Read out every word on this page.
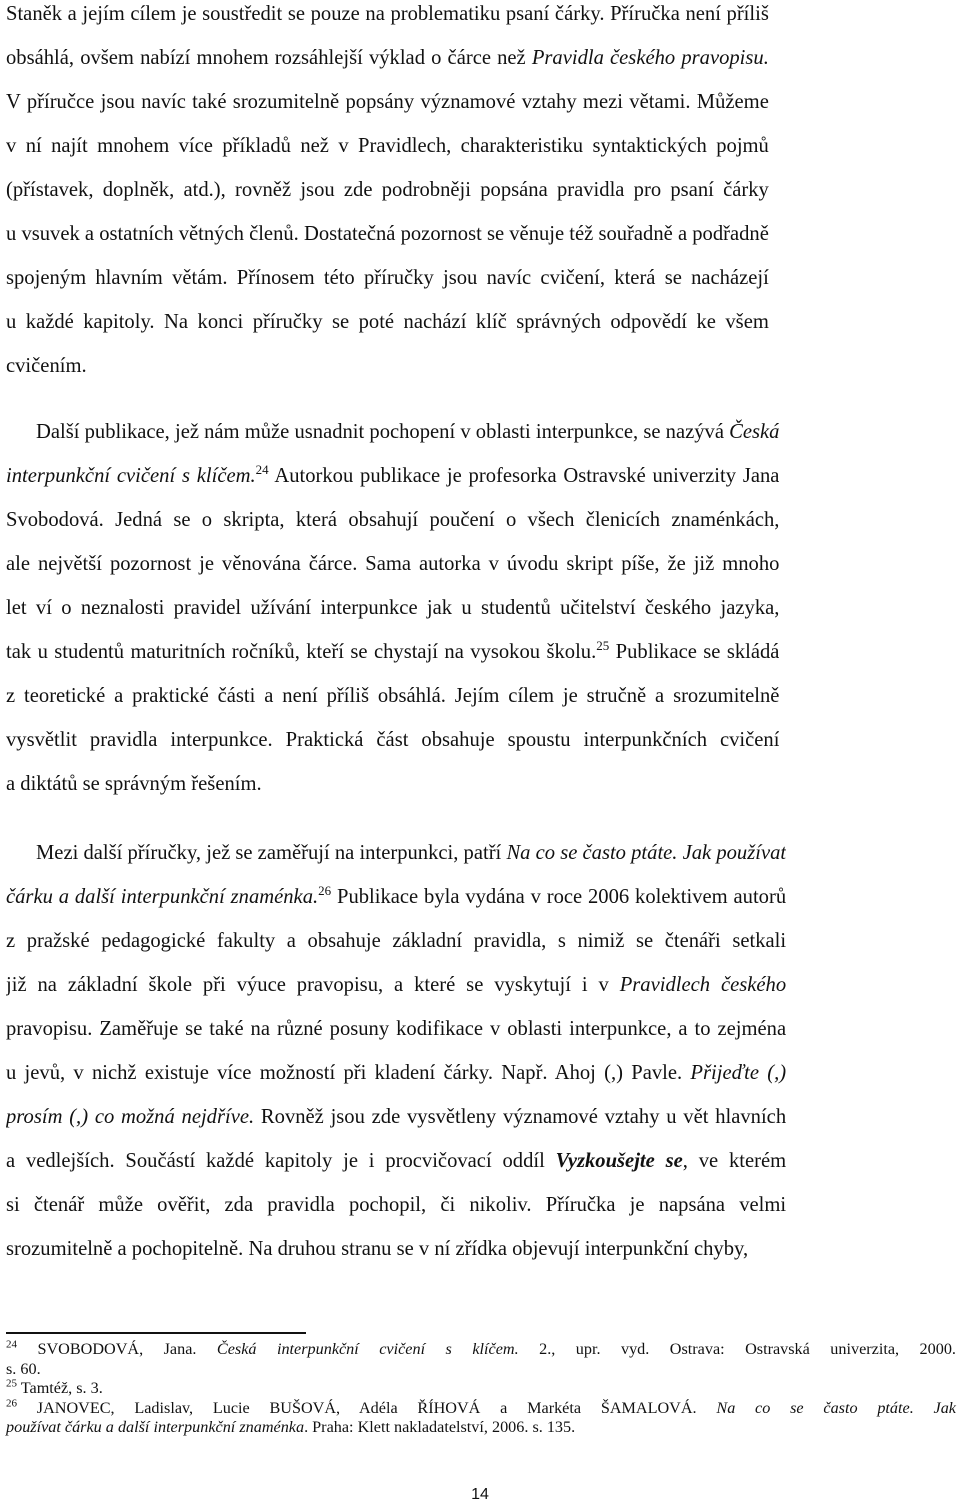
Staněk a jejím cílem je soustředit se pouze na problematiku psaní čárky. Příručka není příliš
obsáhlá, ovšem nabízí mnohem rozsáhlejší výklad o čárce než Pravidla českého pravopisu.
V příručce jsou navíc také srozumitelně popsány významové vztahy mezi větami. Můžeme
v ní najít mnohem více příkladů než v Pravidlech, charakteristiku syntaktických pojmů
(přístavek, doplněk, atd.), rovněž jsou zde podrobněji popsána pravidla pro psaní čárky
u vsuvek a ostatních větných členů. Dostatečná pozornost se věnuje též souřadně a podřadně
spojeným hlavním větám. Přínosem této příručky jsou navíc cvičení, která se nacházejí
u každé kapitoly. Na konci příručky se poté nachází klíč správných odpovědí ke všem
cvičením.

Další publikace, jež nám může usnadnit pochopení v oblasti interpunkce, se nazývá Česká
interpunkční cvičení s klíčem.$^{24}$ Autorkou publikace je profesorka Ostravské univerzity Jana
Svobodová. Jedná se o skripta, která obsahují poučení o všech členicích znaménkách,
ale největší pozornost je věnována čárce. Sama autorka v úvodu skript píše, že již mnoho
let ví o neznalosti pravidel užívání interpunkce jak u studentů učitelství českého jazyka,
tak u studentů maturitních ročníků, kteří se chystají na vysokou školu.$^{25}$ Publikace se skládá
z teoretické a praktické části a není příliš obsáhlá. Jejím cílem je stručně a srozumitelně
vysvětlit pravidla interpunkce. Praktická část obsahuje spoustu interpunkčních cvičení
a diktátů se správným řešením.

Mezi další příručky, jež se zaměřují na interpunkci, patří Na co se často ptáte. Jak používat
čárku a další interpunkční znaménka.$^{26}$ Publikace byla vydána v roce 2006 kolektivem autorů
z pražské pedagogické fakulty a obsahuje základní pravidla, s nimiž se čtenáři setkali
již na základní škole při výuce pravopisu, a které se vyskytují i v Pravidlech českého
pravopisu. Zaměřuje se také na různé posuny kodifikace v oblasti interpunkce, a to zejména
u jevů, v nichž existuje více možností při kladení čárky. Např. Ahoj (,) Pavle. Přijeďte (,)
prosím (,) co možná nejdříve. Rovněž jsou zde vysvětleny významové vztahy u vět hlavních
a vedlejších. Součástí každé kapitoly je i procvičovací oddíl Vyzkoušejte se, ve kterém
si čtenář může ověřit, zda pravidla pochopil, či nikoliv. Příručka je napsána velmi
srozumitelně a pochopitelně. Na druhou stranu se v ní zřídka objevují interpunkční chyby,

$^{24}$ SVOBODOVÁ, Jana. Česká interpunkční cvičení s klíčem. 2., upr. vyd. Ostrava: Ostravská univerzita, 2000.
s. 60.

$^{25}$ Tamtéž, s. 3.

$^{26}$ JANOVEC, Ladislav, Lucie BUŠOVÁ, Adéla ŘÍHOVÁ a Markéta ŠAMALOVÁ. Na co se často ptáte. Jak
používat čárku a další interpunkční znaménka. Praha: Klett nakladatelství, 2006. s. 135.

14
